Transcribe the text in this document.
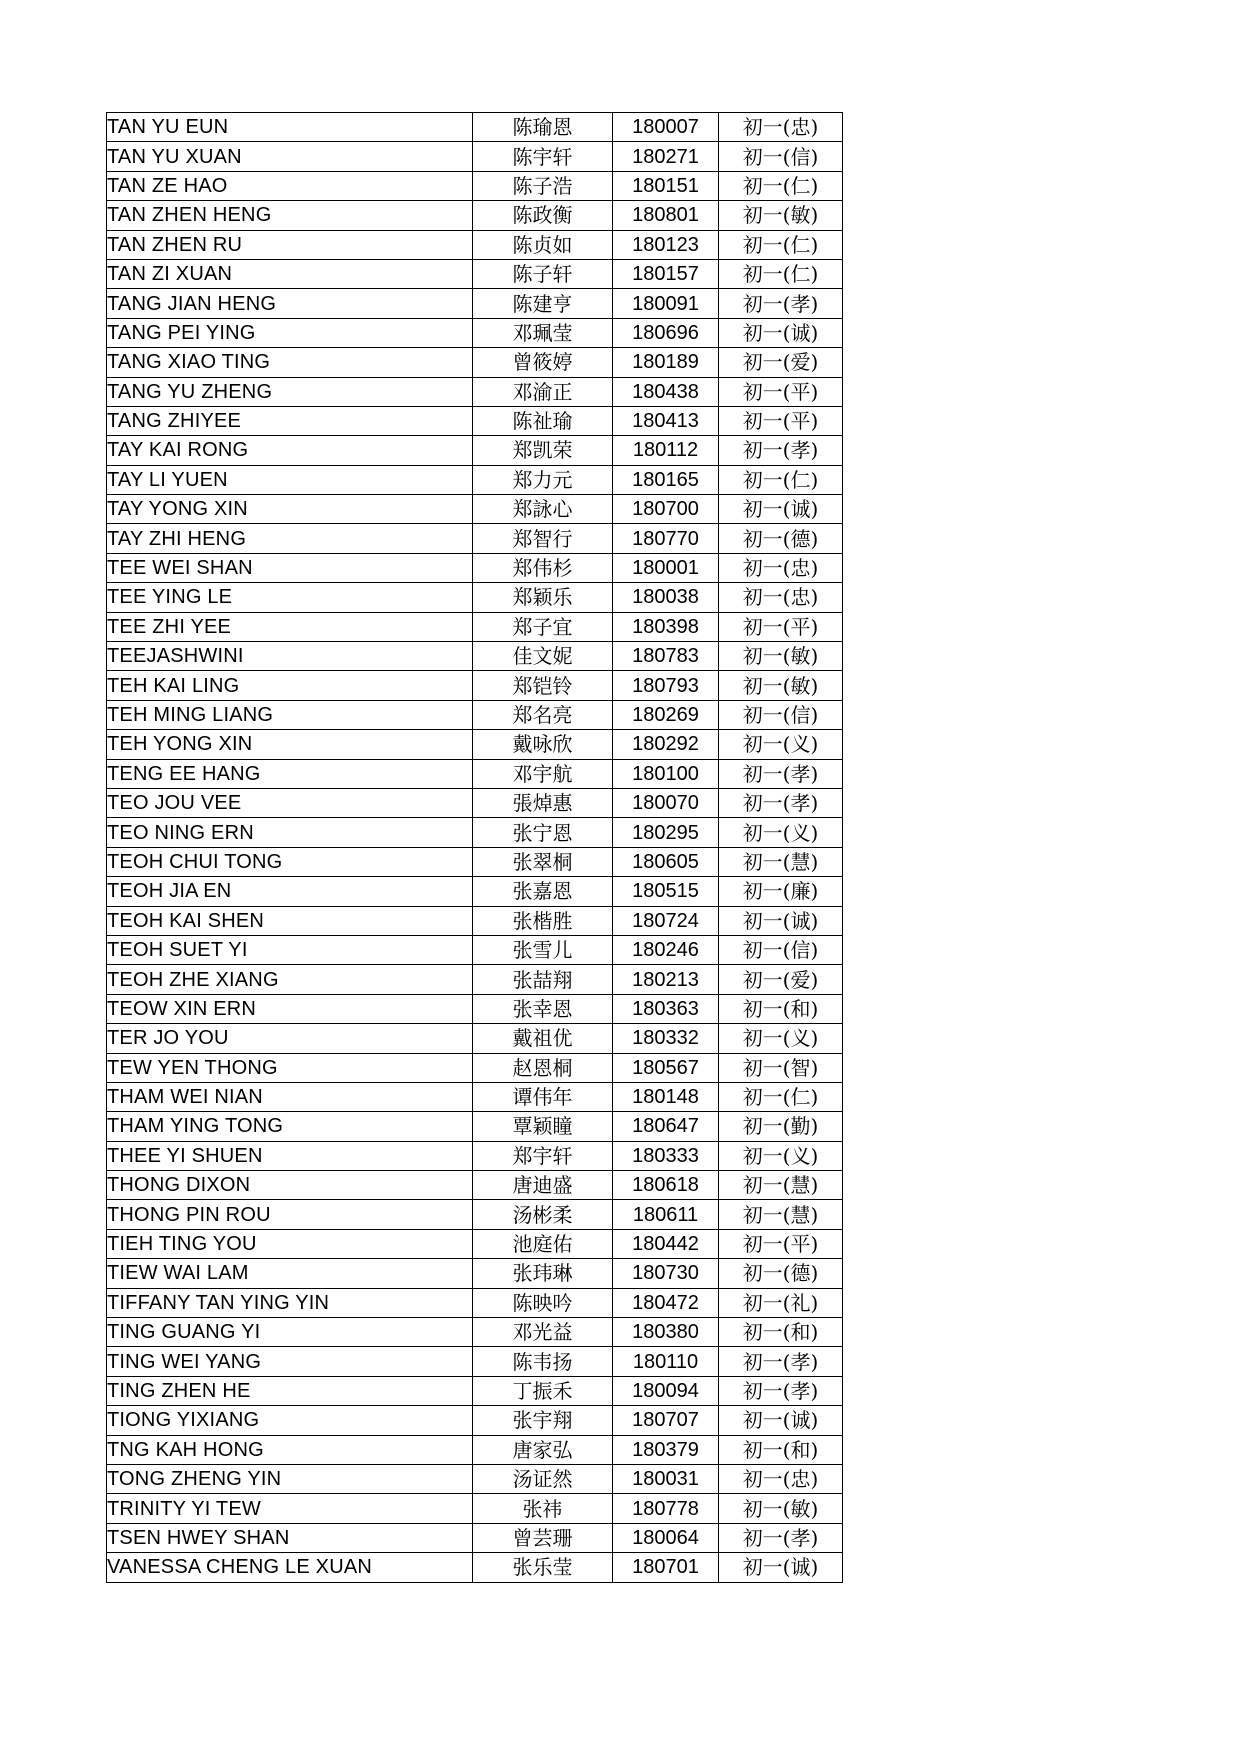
TAN YU EUN	陈瑜恩	180007	初一(忠)
TAN YU XUAN	陈宇轩	180271	初一(信)
TAN ZE HAO	陈子浩	180151	初一(仁)
TAN ZHEN HENG	陈政衡	180801	初一(敏)
TAN ZHEN RU	陈贞如	180123	初一(仁)
TAN ZI XUAN	陈子轩	180157	初一(仁)
TANG JIAN HENG	陈建亨	180091	初一(孝)
TANG PEI YING	邓珮莹	180696	初一(诚)
TANG XIAO TING	曾筱婷	180189	初一(爱)
TANG YU ZHENG	邓渝正	180438	初一(平)
TANG ZHIYEE	陈祉瑜	180413	初一(平)
TAY KAI RONG	郑凯荣	180112	初一(孝)
TAY LI YUEN	郑力元	180165	初一(仁)
TAY YONG XIN	郑詠心	180700	初一(诚)
TAY ZHI HENG	郑智行	180770	初一(德)
TEE WEI SHAN	郑伟杉	180001	初一(忠)
TEE YING LE	郑颖乐	180038	初一(忠)
TEE ZHI YEE	郑子宜	180398	初一(平)
TEEJASHWINI	佳文妮	180783	初一(敏)
TEH KAI LING	郑铠铃	180793	初一(敏)
TEH MING LIANG	郑名亮	180269	初一(信)
TEH YONG XIN	戴咏欣	180292	初一(义)
TENG EE HANG	邓宇航	180100	初一(孝)
TEO JOU VEE	張焯惠	180070	初一(孝)
TEO NING ERN	张宁恩	180295	初一(义)
TEOH CHUI TONG	张翠桐	180605	初一(慧)
TEOH JIA EN	张嘉恩	180515	初一(廉)
TEOH KAI SHEN	张楷胜	180724	初一(诚)
TEOH SUET YI	张雪儿	180246	初一(信)
TEOH ZHE XIANG	张喆翔	180213	初一(爱)
TEOW XIN ERN	张幸恩	180363	初一(和)
TER JO YOU	戴祖优	180332	初一(义)
TEW YEN THONG	赵恩桐	180567	初一(智)
THAM WEI NIAN	谭伟年	180148	初一(仁)
THAM YING TONG	覃颖瞳	180647	初一(勤)
THEE YI SHUEN	郑宇轩	180333	初一(义)
THONG DIXON	唐迪盛	180618	初一(慧)
THONG PIN ROU	汤彬柔	180611	初一(慧)
TIEH TING YOU	池庭佑	180442	初一(平)
TIEW WAI LAM	张玮琳	180730	初一(德)
TIFFANY TAN YING YIN	陈映吟	180472	初一(礼)
TING GUANG YI	邓光益	180380	初一(和)
TING WEI YANG	陈韦扬	180110	初一(孝)
TING ZHEN HE	丁振禾	180094	初一(孝)
TIONG YIXIANG	张宇翔	180707	初一(诚)
TNG KAH HONG	唐家弘	180379	初一(和)
TONG ZHENG YIN	汤证然	180031	初一(忠)
TRINITY YI TEW	张祎	180778	初一(敏)
TSEN HWEY SHAN	曾芸珊	180064	初一(孝)
VANESSA CHENG LE XUAN	张乐莹	180701	初一(诚)
